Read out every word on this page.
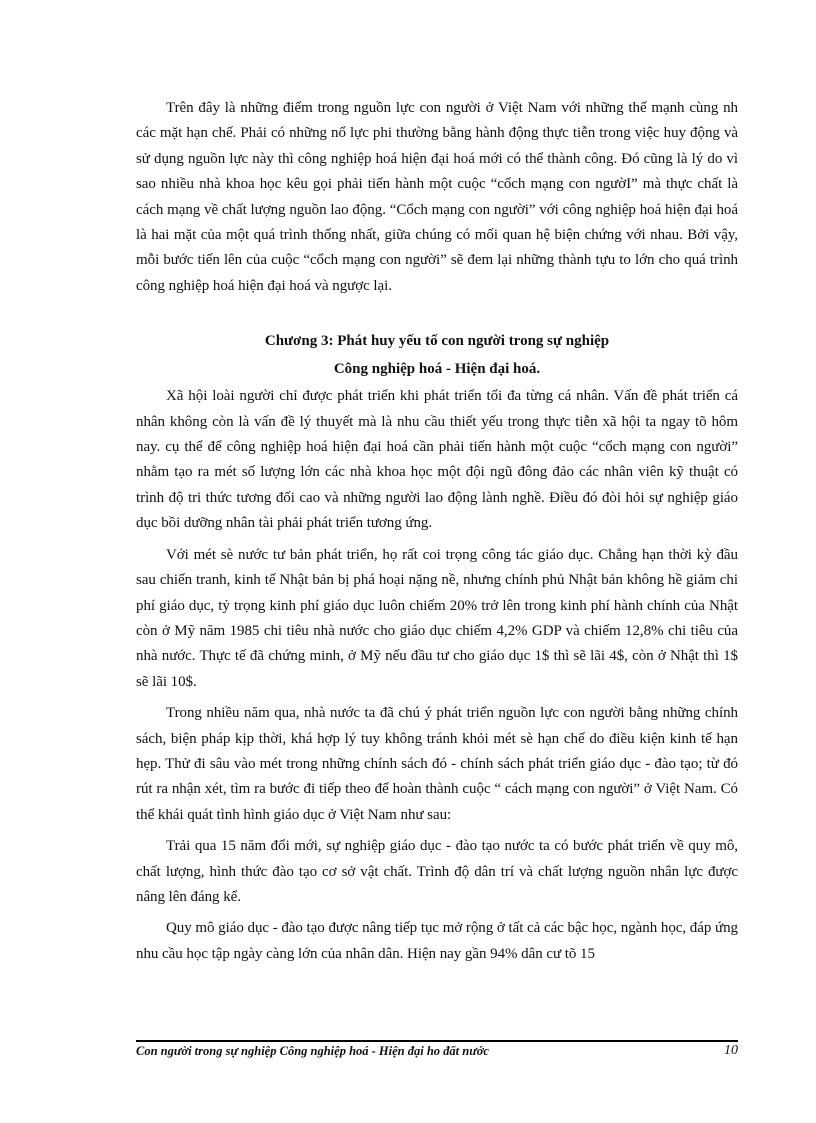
Trên đây là những điểm trong nguồn lực con người ở Việt Nam với những thế mạnh cùng nh các mặt hạn chế. Phải có những nổ lực phi thường bằng hành động thực tiễn trong việc huy động và sử dụng nguồn lực này thì công nghiệp hoá hiện đại hoá mới có thể thành công. Đó cũng là lý do vì sao nhiều nhà khoa học kêu gọi phải tiến hành một cuộc “cổch mạng con ngườI” mà thực chất là cách mạng về chất lượng nguồn lao động. “Cổch mạng con người” với công nghiệp hoá hiện đại hoá là hai mặt của một quá trình thống nhất, giữa chúng có mối quan hệ biện chứng với nhau. Bởi vậy, mỗi bước tiến lên của cuộc “cổch mạng con người” sẽ đem lại những thành tựu to lớn cho quá trình công nghiệp hoá hiện đại hoá và ngược lại.

Chương 3: Phát huy yếu tố con người trong sự nghiệp
Công nghiệp hoá - Hiện đại hoá.

Xã hội loài người chỉ được phát triển khi phát triển tối đa từng cá nhân. Vấn đề phát triển cá nhân không còn là vấn đề lý thuyết mà là nhu cầu thiết yếu trong thực tiễn xã hội ta ngay tõ hôm nay. cụ thể để công nghiệp hoá hiện đại hoá cần phải tiến hành một cuộc “cổch mạng con người” nhằm tạo ra mét số lượng lớn các nhà khoa học một đội ngũ đông đảo các nhân viên kỹ thuật có trình độ tri thức tương đối cao và những người lao động lành nghề. Điều đó đòi hỏi sự nghiệp giáo dục bồi dưỡng nhân tài phải phát triển tương ứng.

Với mét sè nước tư bản phát triển, họ rất coi trọng công tác giáo dục. Chẳng hạn thời kỳ đầu sau chiến tranh, kinh tế Nhật bản bị phá hoại nặng nề, nhưng chính phủ Nhật bản không hề giảm chi phí giáo dục, tỷ trọng kinh phí giáo dục luôn chiếm 20% trở lên trong kinh phí hành chính của Nhật còn ở Mỹ năm 1985 chi tiêu nhà nước cho giáo dục chiếm 4,2% GDP và chiếm 12,8% chi tiêu của nhà nước. Thực tế đã chứng minh, ở Mỹ nếu đầu tư cho giáo dục 1$ thì sẽ lãi 4$, còn ở Nhật thì 1$ sẽ lãi 10$.

Trong nhiều năm qua, nhà nước ta đã chú ý phát triển nguồn lực con người bằng những chính sách, biện pháp kịp thời, khá hợp lý tuy không tránh khỏi mét sè hạn chế do điều kiện kinh tế hạn hẹp. Thử đi sâu vào mét trong những chính sách đó - chính sách phát triển giáo dục - đào tạo; từ đó rút ra nhận xét, tìm ra bước đi tiếp theo để hoàn thành cuộc “ cách mạng con người” ở Việt Nam. Có thể khái quát tình hình giáo dục ở Việt Nam như sau:

Trải qua 15 năm đổi mới, sự nghiệp giáo dục - đào tạo nước ta có bước phát triển về quy mô, chất lượng, hình thức đào tạo cơ sở vật chất. Trình độ dân trí và chất lượng nguồn nhân lực được nâng lên đáng kể.

Quy mô giáo dục - đào tạo được nâng tiếp tục mở rộng ở tất cả các bậc học, ngành học, đáp ứng nhu cầu học tập ngày càng lớn của nhân dân. Hiện nay gần 94% dân cư tõ 15

Con người trong sự nghiệp Công nghiệp hoá - Hiện đại ho đất nước	10
